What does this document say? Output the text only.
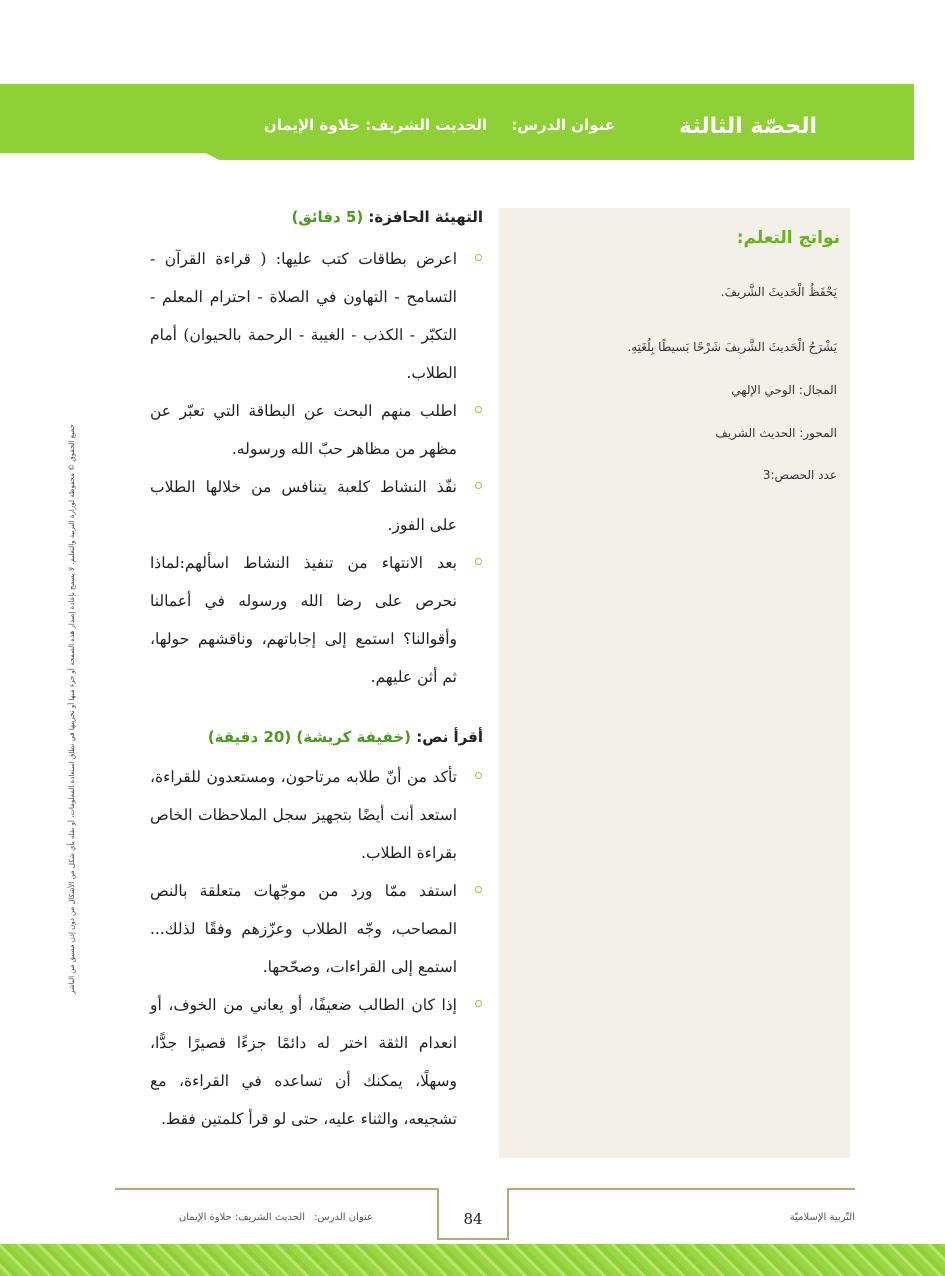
الحصّة الثالثة
عنوان الدرس:
الحديث الشريف: حلاوة الإيمان
نواتج التعلم:
يَحْفَظُ الْحَديثَ الشَّريفَ.
يَشْرَحُ الْحَديثَ الشَّريفَ شَرْحًا بَسيطًا بِلُغَتِهِ.
المجال: الوحي الإلهي
المحور: الحديث الشريف
عدد الحصص:3
التهيئة الحافزة: (5 دقائق)
اعرض بطاقات كتب عليها: ( قراءة القرآن - التسامح - التهاون في الصلاة - احترام المعلم - التكبّر - الكذب - الغيبة - الرحمة بالحيوان) أمام الطلاب.
اطلب منهم البحث عن البطاقة التي تعبّر عن مظهر من مظاهر حبّ الله ورسوله.
نفّذ النشاط كلعبة يتنافس من خلالها الطلاب على الفوز.
بعد الانتهاء من تنفيذ النشاط اسألهم:لماذا نحرص على رضا الله ورسوله في أعمالنا وأقوالنا؟ استمع إلى إجاباتهم، وناقشهم حولها، ثم أثن عليهم.
أقرأ نص: (خفيفة كريشة) (20 دقيقة)
تأكد من أنّ طلابه مرتاحون، ومستعدون للقراءة، استعد أنت أيضًا بتجهيز سجل الملاحظات الخاص بقراءة الطلاب.
استفد ممّا ورد من موجّهات متعلقة بالنص المصاحب، وجّه الطلاب وعزّزهم وفقًا لذلك... استمع إلى القراءات، وصحّحها.
إذا كان الطالب ضعيفًا، أو يعاني من الخوف، أو انعدام الثقة اختر له دائمًا جزءًا قصيرًا جدًّا، وسهلًا، يمكنك أن تساعده في القراءة، مع تشجيعه، والثناء عليه، حتى لو قرأ كلمتين فقط.
جميع الحقوق © محفوظة لوزارة التربية والتعليم. لا يسمح بإعادة إصدار هذه الصفحة أو جزء منها أو تخزينها في نطاق استعادة المعلومات، أو نقله بأي شكل من الأشكال من دون إذن مسبق من الناشر
84	التّربية الإسلاميّة
عنوان الدرس:
الحديث الشريف: حلاوة الإيمان
